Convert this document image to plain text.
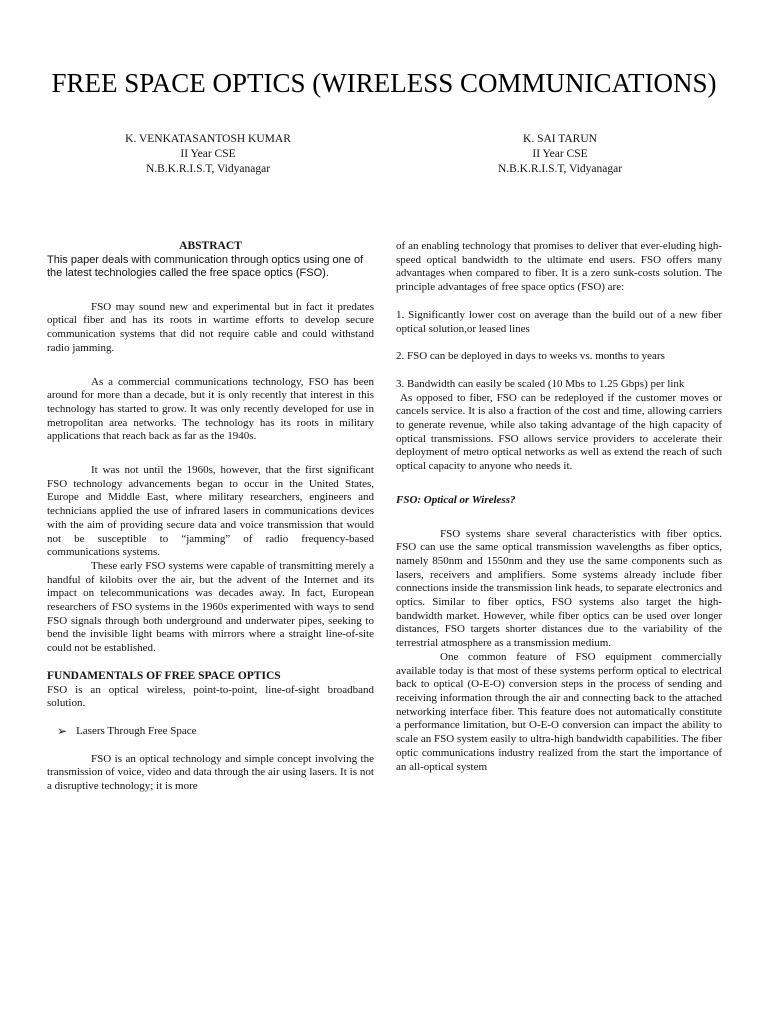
FREE SPACE OPTICS (WIRELESS COMMUNICATIONS)
K. VENKATASANTOSH KUMAR
II Year CSE
N.B.K.R.I.S.T, Vidyanagar
K. SAI TARUN
II Year CSE
N.B.K.R.I.S.T, Vidyanagar

ABSTRACT

This paper deals with communication through optics using one of the latest technologies called the free space optics (FSO).

FSO may sound new and experimental but in fact it predates optical fiber and has its roots in wartime efforts to develop secure communication systems that did not require cable and could withstand radio jamming.

As a commercial communications technology, FSO has been around for more than a decade, but it is only recently that interest in this technology has started to grow. It was only recently developed for use in metropolitan area networks. The technology has its roots in military applications that reach back as far as the 1940s.

It was not until the 1960s, however, that the first significant FSO technology advancements began to occur in the United States, Europe and Middle East, where military researchers, engineers and technicians applied the use of infrared lasers in communications devices with the aim of providing secure data and voice transmission that would not be susceptible to “jamming” of radio frequency-based communications systems.

These early FSO systems were capable of transmitting merely a handful of kilobits over the air, but the advent of the Internet and its impact on telecommunications was decades away. In fact, European researchers of FSO systems in the 1960s experimented with ways to send FSO signals through both underground and underwater pipes, seeking to bend the invisible light beams with mirrors where a straight line-of-site could not be established.

FUNDAMENTALS OF FREE SPACE OPTICS

FSO is an optical wireless, point-to-point, line-of-sight broadband solution.

➢ Lasers Through Free Space

FSO is an optical technology and simple concept involving the transmission of voice, video and data through the air using lasers. It is not a disruptive technology; it is more

of an enabling technology that promises to deliver that ever-eluding high-speed optical bandwidth to the ultimate end users. FSO offers many advantages when compared to fiber. It is a zero sunk-costs solution. The principle advantages of free space optics (FSO) are:

1. Significantly lower cost on average than the build out of a new fiber optical solution,or leased lines

2. FSO can be deployed in days to weeks vs. months to years

3. Bandwidth can easily be scaled (10 Mbs to 1.25 Gbps) per link

As opposed to fiber, FSO can be redeployed if the customer moves or cancels service. It is also a fraction of the cost and time, allowing carriers to generate revenue, while also taking advantage of the high capacity of optical transmissions. FSO allows service providers to accelerate their deployment of metro optical networks as well as extend the reach of such optical capacity to anyone who needs it.

FSO: Optical or Wireless?

FSO systems share several characteristics with fiber optics. FSO can use the same optical transmission wavelengths as fiber optics, namely 850nm and 1550nm and they use the same components such as lasers, receivers and amplifiers. Some systems already include fiber connections inside the transmission link heads, to separate electronics and optics. Similar to fiber optics, FSO systems also target the high-bandwidth market. However, while fiber optics can be used over longer distances, FSO targets shorter distances due to the variability of the terrestrial atmosphere as a transmission medium.

One common feature of FSO equipment commercially available today is that most of these systems perform optical to electrical back to optical (O-E-O) conversion steps in the process of sending and receiving information through the air and connecting back to the attached networking interface fiber. This feature does not automatically constitute a performance limitation, but O-E-O conversion can impact the ability to scale an FSO system easily to ultra-high bandwidth capabilities. The fiber optic communications industry realized from the start the importance of an all-optical system
